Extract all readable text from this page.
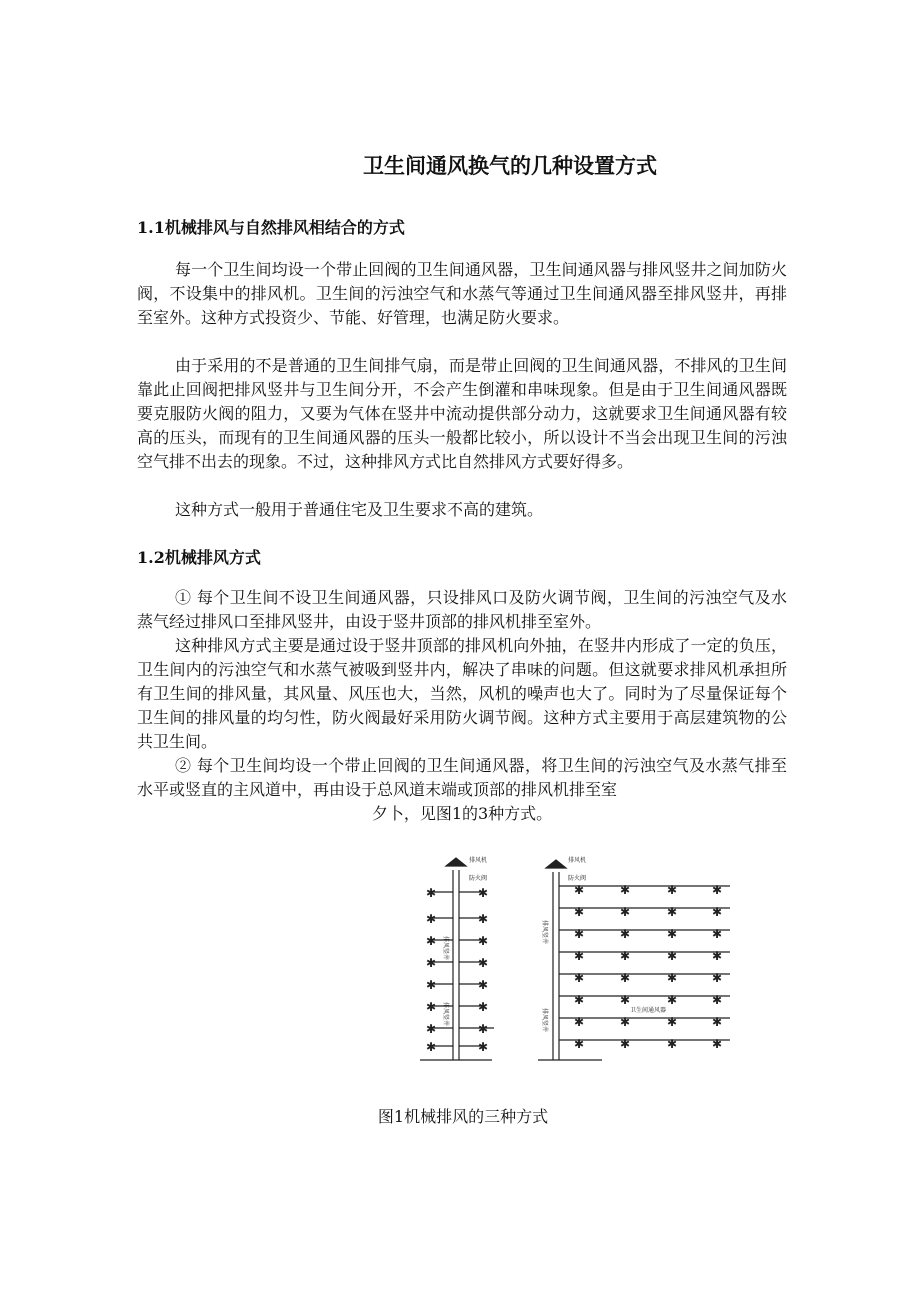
卫生间通风换气的几种设置方式
1.1机械排风与自然排风相结合的方式

每一个卫生间均设一个带止回阀的卫生间通风器，卫生间通风器与排风竖井之间加防火阀，不设集中的排风机。卫生间的污浊空气和水蒸气等通过卫生间通风器至排风竖井，再排至室外。这种方式投资少、节能、好管理，也满足防火要求。

由于采用的不是普通的卫生间排气扇，而是带止回阀的卫生间通风器，不排风的卫生间靠此止回阀把排风竖井与卫生间分开，不会产生倒灌和串味现象。但是由于卫生间通风器既要克服防火阀的阻力，又要为气体在竖井中流动提供部分动力，这就要求卫生间通风器有较高的压头，而现有的卫生间通风器的压头一般都比较小，所以设计不当会出现卫生间的污浊空气排不出去的现象。不过，这种排风方式比自然排风方式要好得多。

这种方式一般用于普通住宅及卫生要求不高的建筑。

1.2机械排风方式

① 每个卫生间不设卫生间通风器，只设排风口及防火调节阀，卫生间的污浊空气及水蒸气经过排风口至排风竖井，由设于竖井顶部的排风机排至室外。

这种排风方式主要是通过设于竖井顶部的排风机向外抽，在竖井内形成了一定的负压，卫生间内的污浊空气和水蒸气被吸到竖井内，解决了串味的问题。但这就要求排风机承担所有卫生间的排风量，其风量、风压也大，当然，风机的噪声也大了。同时为了尽量保证每个卫生间的排风量的均匀性，防火阀最好采用防火调节阀。这种方式主要用于高层建筑物的公共卫生间。

② 每个卫生间均设一个带止回阀的卫生间通风器，将卫生间的污浊空气及水蒸气排至水平或竖直的主风道中，再由设于总风道末端或顶部的排风机排至室

夕卜，见图1的3种方式。
✱	✱
✱	✱
✱	✱
✱	✱
✱	✱
✱	✱
✱	✱
✱	✱
✱	✱	✱	✱
✱	✱	✱	✱
✱	✱	✱	✱
✱	✱	✱	✱
✱	✱	✱	✱
✱	✱	✱	✱
✱	✱	✱	✱
✱	✱	✱	✱
排风机
防火阀
排风机
防火阀
卫生间通风器
排风竖井
排风竖井
排风竖井	排风竖井
图1机械排风的三种方式
